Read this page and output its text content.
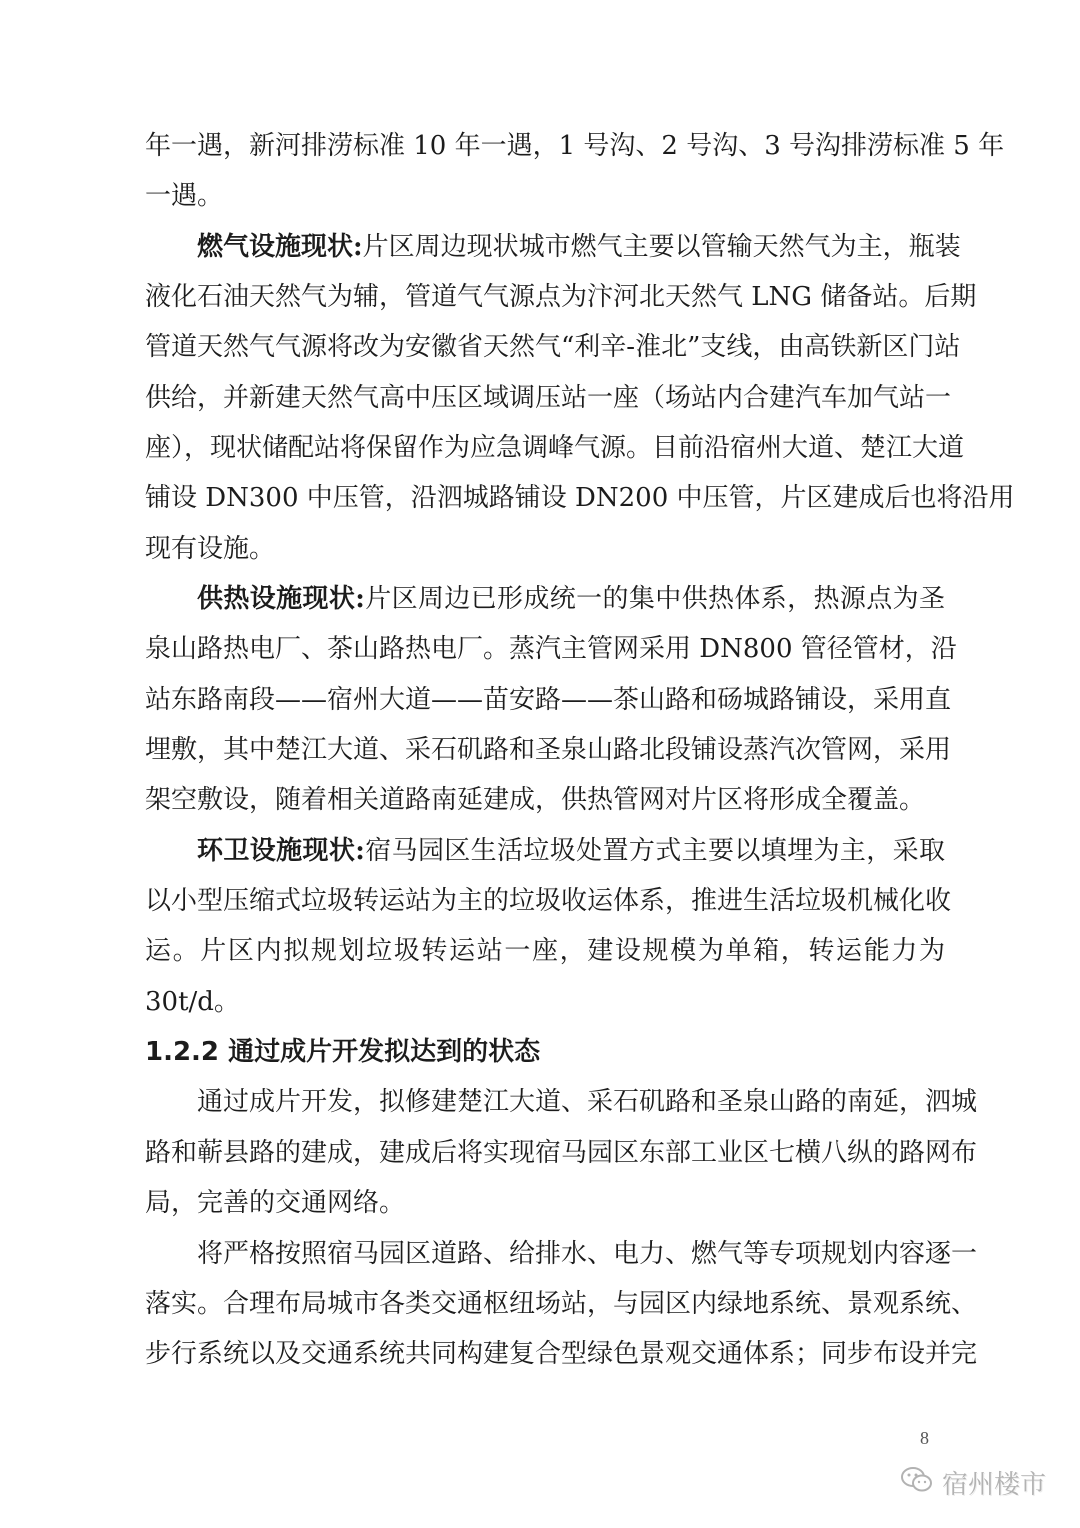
年一遇，新河排涝标准 10 年一遇，1 号沟、2 号沟、3 号沟排涝标准 5 年
一遇。
燃气设施现状:片区周边现状城市燃气主要以管输天然气为主，瓶装
液化石油天然气为辅，管道气气源点为汴河北天然气 LNG 储备站。后期
管道天然气气源将改为安徽省天然气“利辛-淮北”支线，由高铁新区门站
供给，并新建天然气高中压区域调压站一座（场站内合建汽车加气站一
座），现状储配站将保留作为应急调峰气源。目前沿宿州大道、楚江大道
铺设 DN300 中压管，沿泗城路铺设 DN200 中压管，片区建成后也将沿用
现有设施。
供热设施现状:片区周边已形成统一的集中供热体系，热源点为圣
泉山路热电厂、茶山路热电厂。蒸汽主管网采用 DN800 管径管材，沿
站东路南段——宿州大道——苗安路——茶山路和砀城路铺设，采用直
埋敷，其中楚江大道、采石矶路和圣泉山路北段铺设蒸汽次管网，采用
架空敷设，随着相关道路南延建成，供热管网对片区将形成全覆盖。
环卫设施现状:宿马园区生活垃圾处置方式主要以填埋为主，采取
以小型压缩式垃圾转运站为主的垃圾收运体系，推进生活垃圾机械化收
运。片区内拟规划垃圾转运站一座，建设规模为单箱，转运能力为
30t/d。
1.2.2 通过成片开发拟达到的状态
通过成片开发，拟修建楚江大道、采石矶路和圣泉山路的南延，泗城
路和蕲县路的建成，建成后将实现宿马园区东部工业区七横八纵的路网布
局，完善的交通网络。
将严格按照宿马园区道路、给排水、电力、燃气等专项规划内容逐一
落实。合理布局城市各类交通枢纽场站，与园区内绿地系统、景观系统、
步行系统以及交通系统共同构建复合型绿色景观交通体系；同步布设并完
8
宿州楼市
